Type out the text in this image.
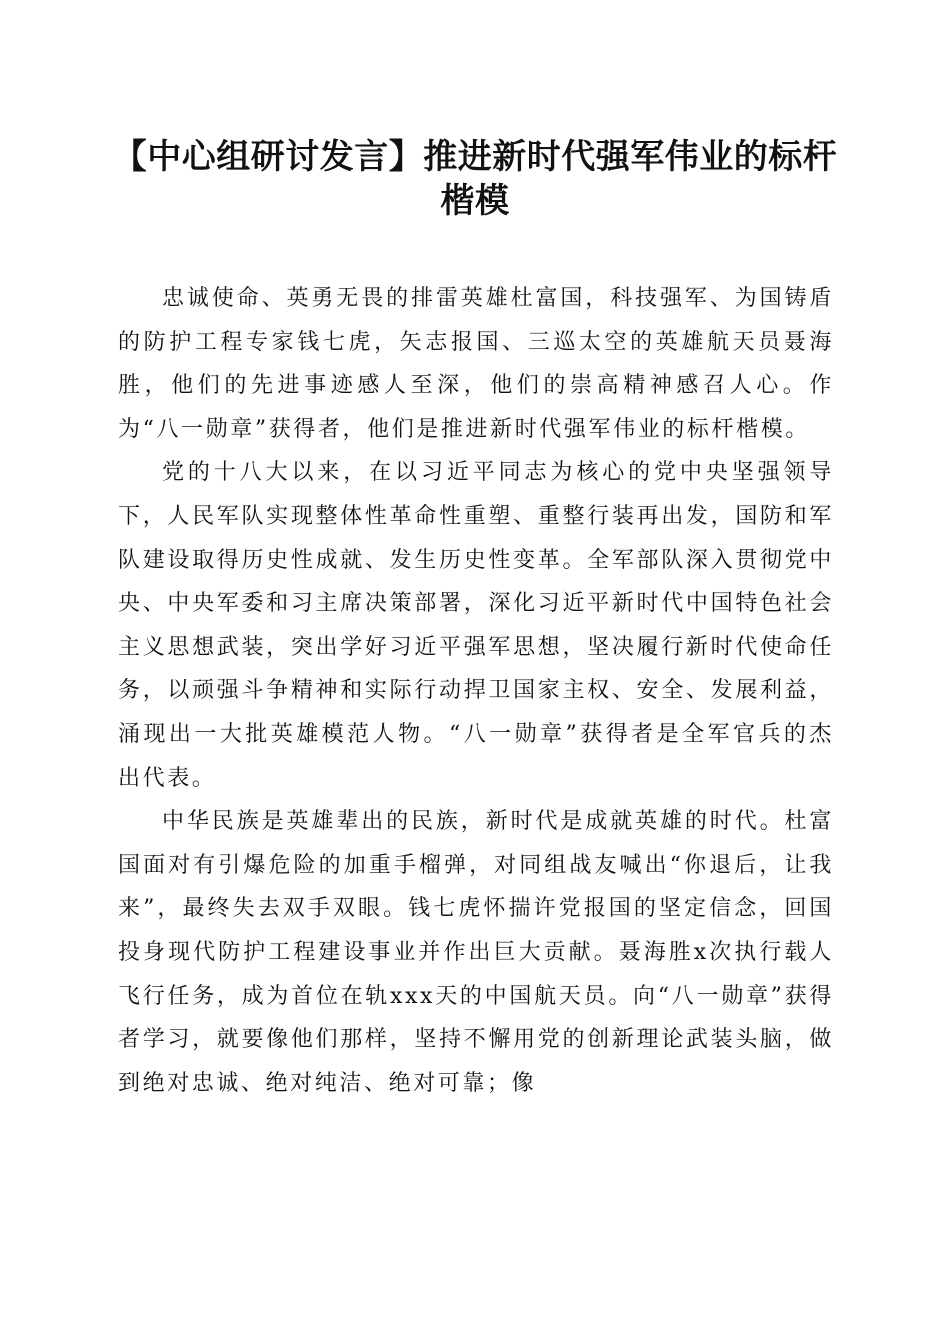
【中心组研讨发言】推进新时代强军伟业的标杆楷模

忠诚使命、英勇无畏的排雷英雄杜富国，科技强军、为国铸盾的防护工程专家钱七虎，矢志报国、三巡太空的英雄航天员聂海胜，他们的先进事迹感人至深，他们的崇高精神感召人心。作为“八一勋章”获得者，他们是推进新时代强军伟业的标杆楷模。

党的十八大以来，在以习近平同志为核心的党中央坚强领导下，人民军队实现整体性革命性重塑、重整行装再出发，国防和军队建设取得历史性成就、发生历史性变革。全军部队深入贯彻党中央、中央军委和习主席决策部署，深化习近平新时代中国特色社会主义思想武装，突出学好习近平强军思想，坚决履行新时代使命任务，以顽强斗争精神和实际行动捍卫国家主权、安全、发展利益，涌现出一大批英雄模范人物。“八一勋章”获得者是全军官兵的杰出代表。

中华民族是英雄辈出的民族，新时代是成就英雄的时代。杜富国面对有引爆危险的加重手榴弹，对同组战友喊出“你退后，让我来”，最终失去双手双眼。钱七虎怀揣许党报国的坚定信念，回国投身现代防护工程建设事业并作出巨大贡献。聂海胜x次执行载人飞行任务，成为首位在轨xxx天的中国航天员。向“八一勋章”获得者学习，就要像他们那样，坚持不懈用党的创新理论武装头脑，做到绝对忠诚、绝对纯洁、绝对可靠；像
